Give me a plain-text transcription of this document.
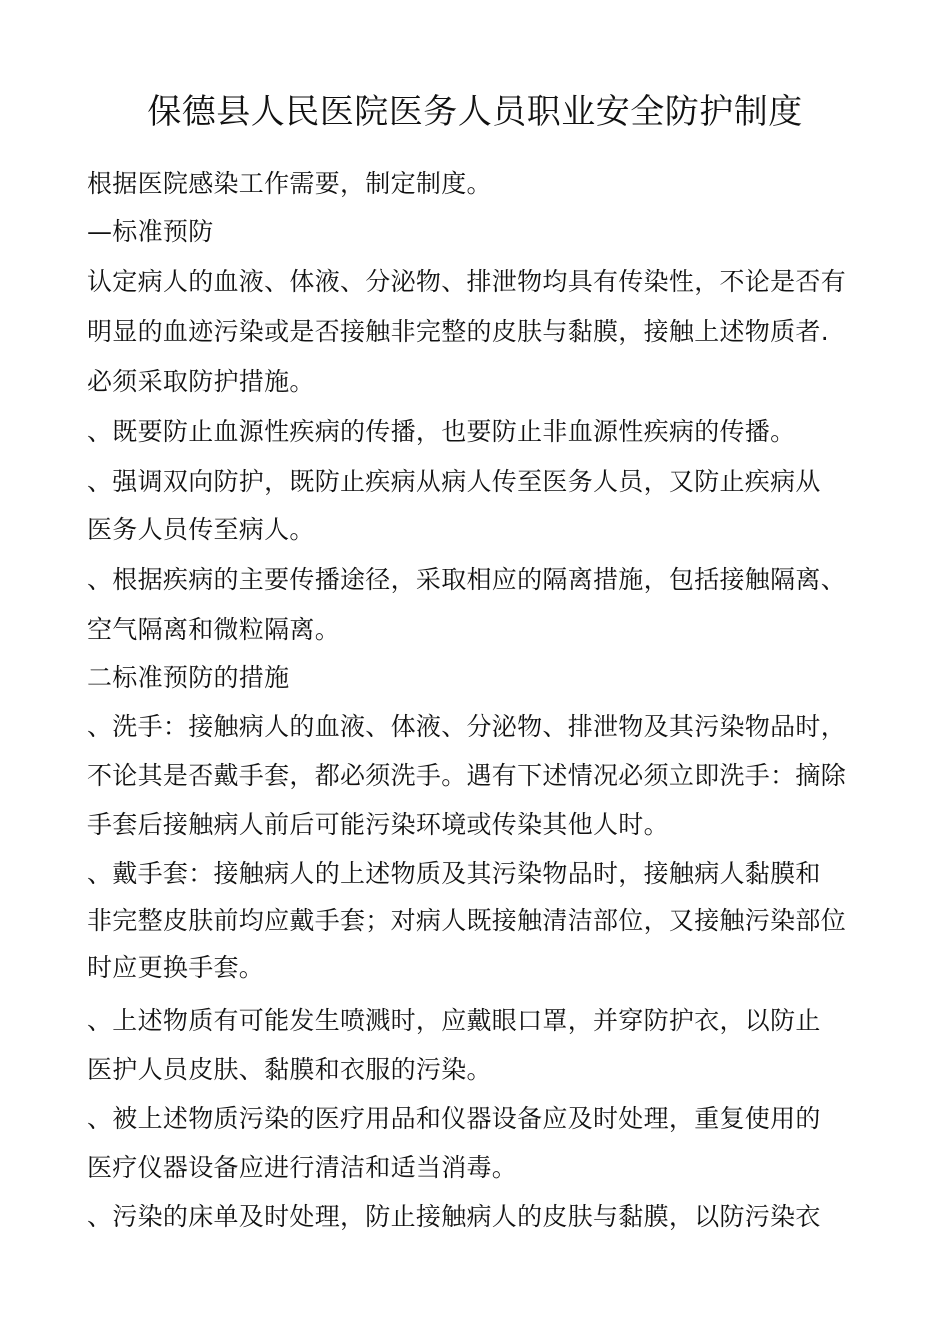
保德县人民医院医务人员职业安全防护制度
根据医院感染工作需要，制定制度。
—标准预防
认定病人的血液、体液、分泌物、排泄物均具有传染性，不论是否有
明显的血迹污染或是否接触非完整的皮肤与黏膜，接触上述物质者.
必须采取防护措施。
、既要防止血源性疾病的传播，也要防止非血源性疾病的传播。
、强调双向防护，既防止疾病从病人传至医务人员，又防止疾病从
医务人员传至病人。
、根据疾病的主要传播途径，采取相应的隔离措施，包括接触隔离、
空气隔离和微粒隔离。
二标准预防的措施
、洗手：接触病人的血液、体液、分泌物、排泄物及其污染物品时，
不论其是否戴手套，都必须洗手。遇有下述情况必须立即洗手：摘除
手套后接触病人前后可能污染环境或传染其他人时。
、戴手套：接触病人的上述物质及其污染物品时，接触病人黏膜和
非完整皮肤前均应戴手套；对病人既接触清洁部位，又接触污染部位
时应更换手套。
、上述物质有可能发生喷溅时，应戴眼口罩，并穿防护衣，以防止
医护人员皮肤、黏膜和衣服的污染。
、被上述物质污染的医疗用品和仪器设备应及时处理，重复使用的
医疗仪器设备应进行清洁和适当消毒。
、污染的床单及时处理，防止接触病人的皮肤与黏膜，以防污染衣
